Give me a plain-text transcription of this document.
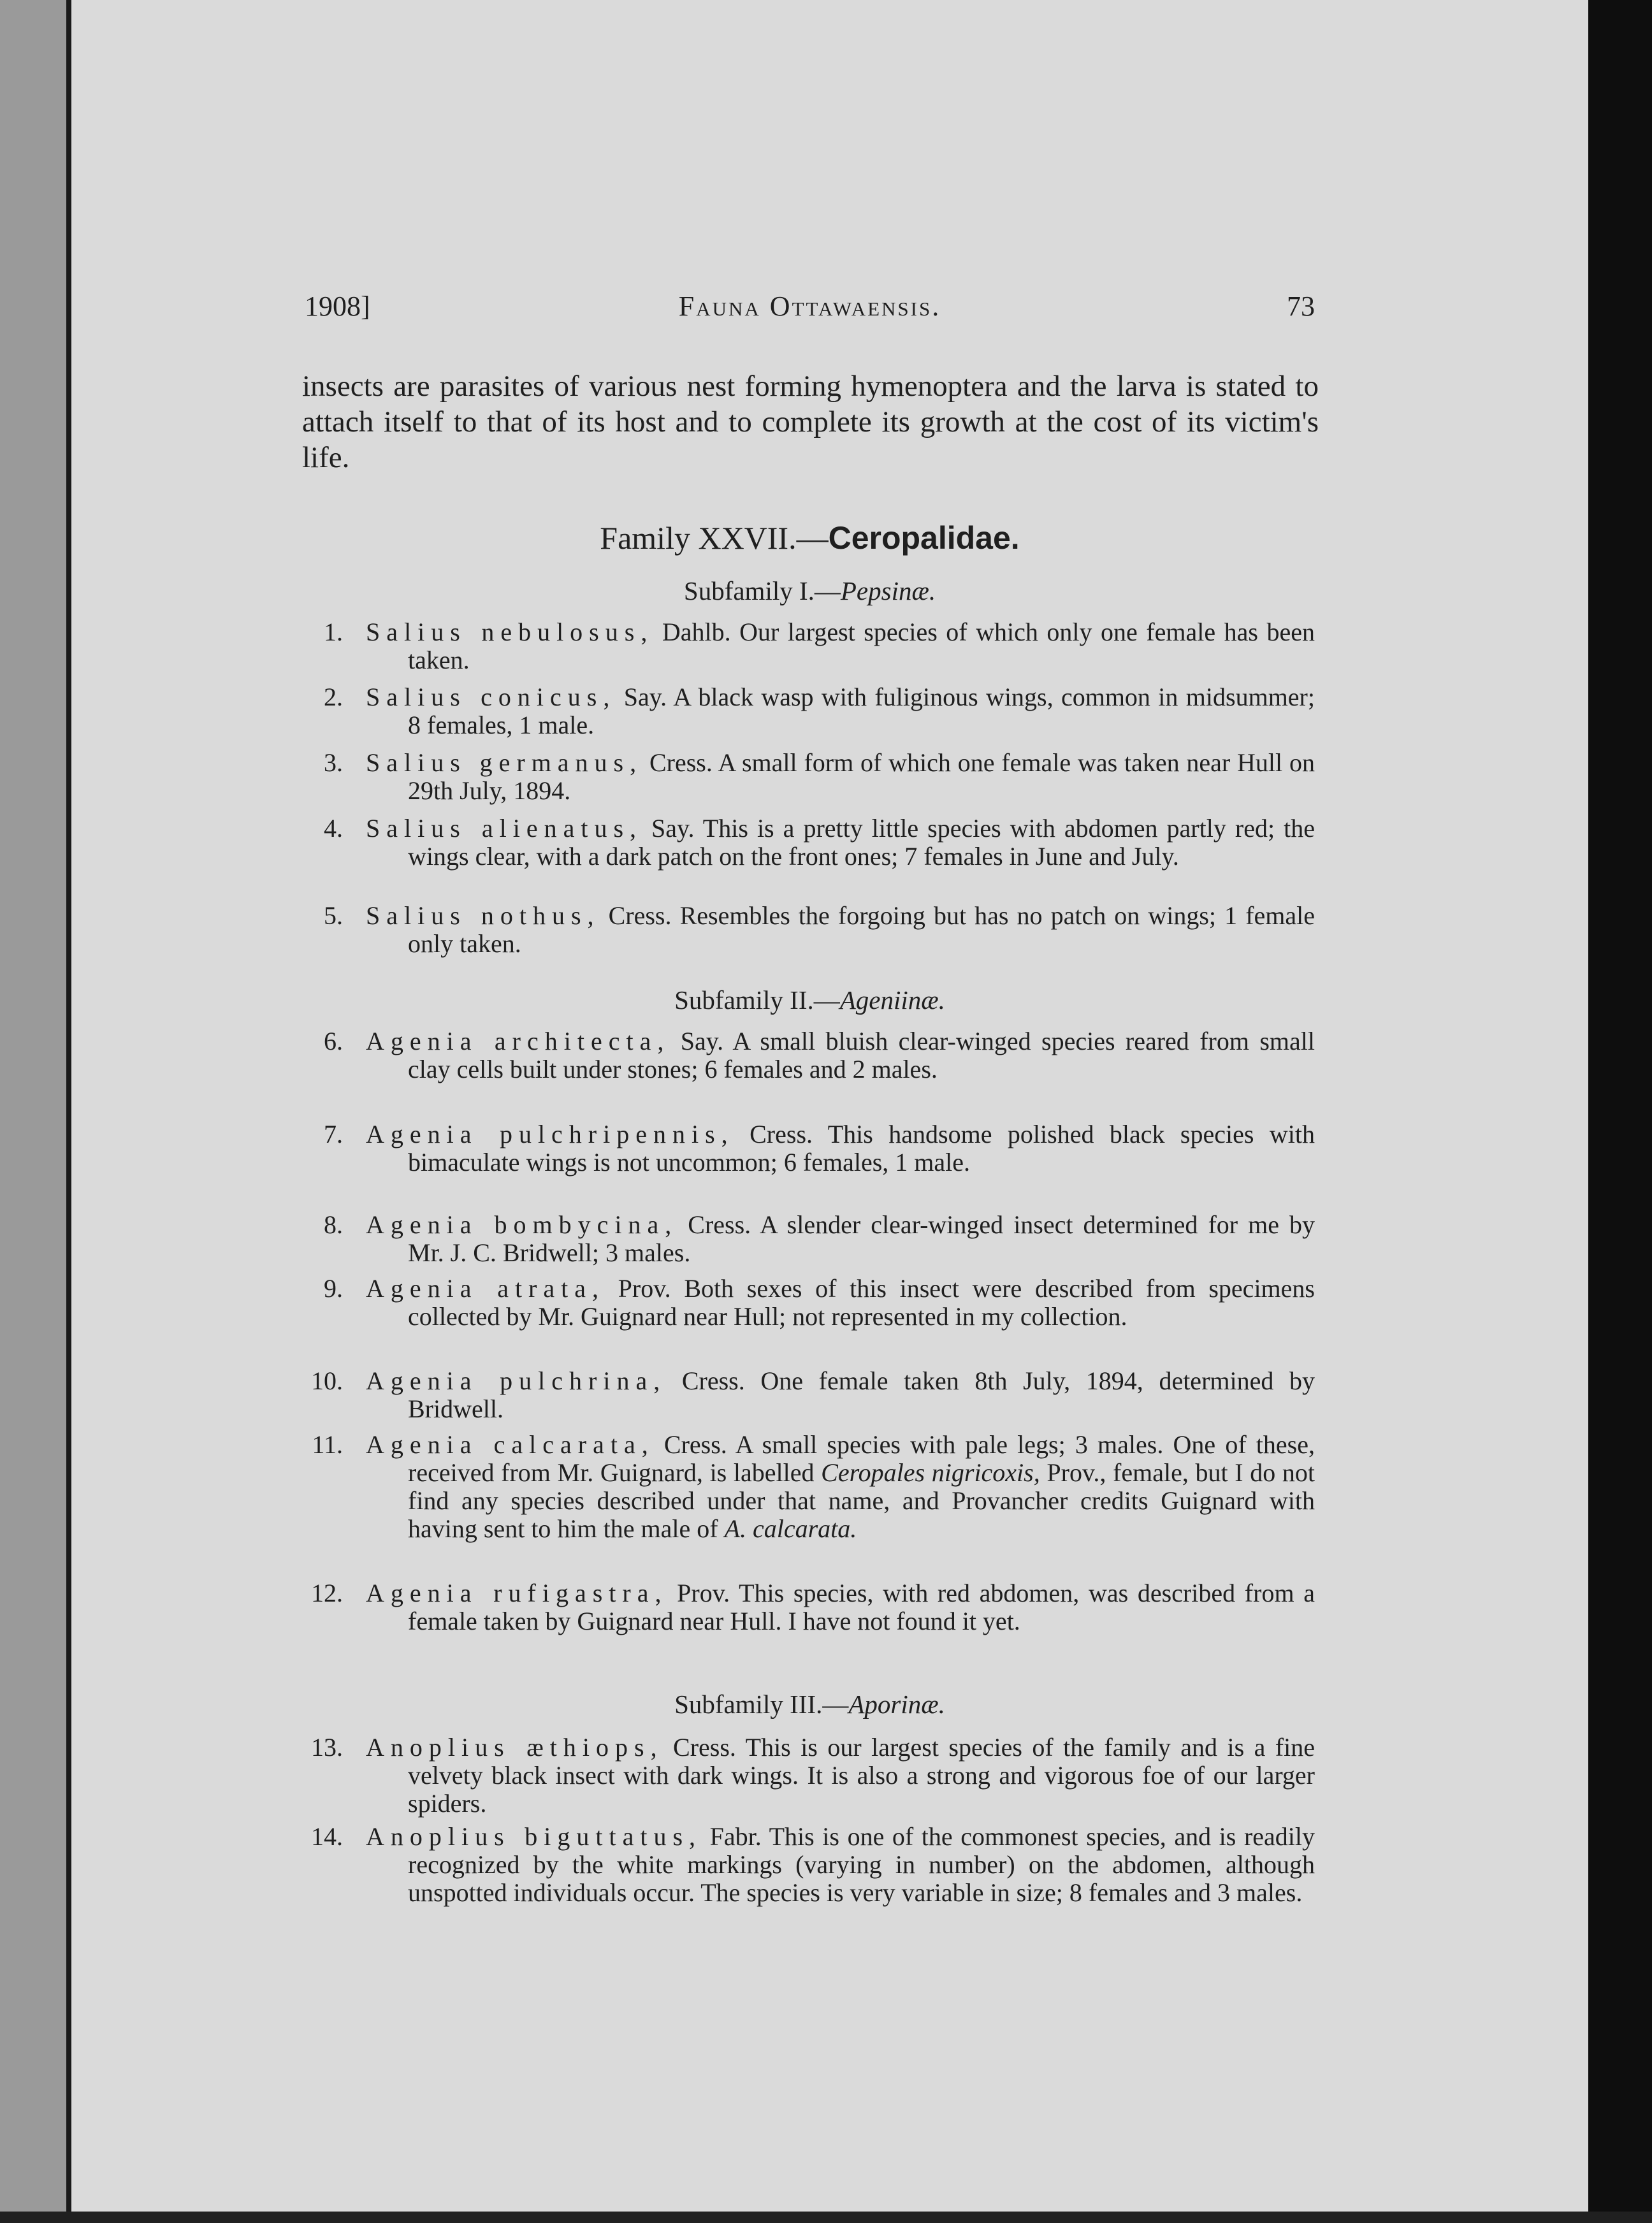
1908]	Fauna Ottawaensis.	73
insects are parasites of various nest forming hymenoptera and the larva is stated to attach itself to that of its host and to complete its growth at the cost of its victim's life.
Family XXVII.—Ceropalidae.
Subfamily I.—Pepsinæ.
1. Salius nebulosus, Dahlb. Our largest species of which only one female has been taken.
2. Salius conicus, Say. A black wasp with fuliginous wings, common in midsummer; 8 females, 1 male.
3. Salius germanus, Cress. A small form of which one female was taken near Hull on 29th July, 1894.
4. Salius alienatus, Say. This is a pretty little species with abdomen partly red; the wings clear, with a dark patch on the front ones; 7 females in June and July.
5. Salius nothus, Cress. Resembles the forgoing but has no patch on wings; 1 female only taken.
Subfamily II.—Ageniinæ.
6. Agenia architecta, Say. A small bluish clear-winged species reared from small clay cells built under stones; 6 females and 2 males.
7. Agenia pulchripennis, Cress. This handsome polished black species with bimaculate wings is not uncommon; 6 females, 1 male.
8. Agenia bombycina, Cress. A slender clear-winged insect determined for me by Mr. J. C. Bridwell; 3 males.
9. Agenia atrata, Prov. Both sexes of this insect were described from specimens collected by Mr. Guignard near Hull; not represented in my collection.
10. Agenia pulchrina, Cress. One female taken 8th July, 1894, determined by Bridwell.
11. Agenia calcarata, Cress. A small species with pale legs; 3 males. One of these, received from Mr. Guignard, is labelled Ceropales nigricoxis, Prov., female, but I do not find any species described under that name, and Provancher credits Guignard with having sent to him the male of A. calcarata.
12. Agenia rufigastra, Prov. This species, with red abdomen, was described from a female taken by Guignard near Hull. I have not found it yet.
Subfamily III.—Aporinæ.
13. Anoplius æthiops, Cress. This is our largest species of the family and is a fine velvety black insect with dark wings. It is also a strong and vigorous foe of our larger spiders.
14. Anoplius biguttatus, Fabr. This is one of the commonest species, and is readily recognized by the white markings (varying in number) on the abdomen, although unspotted individuals occur. The species is very variable in size; 8 females and 3 males.
